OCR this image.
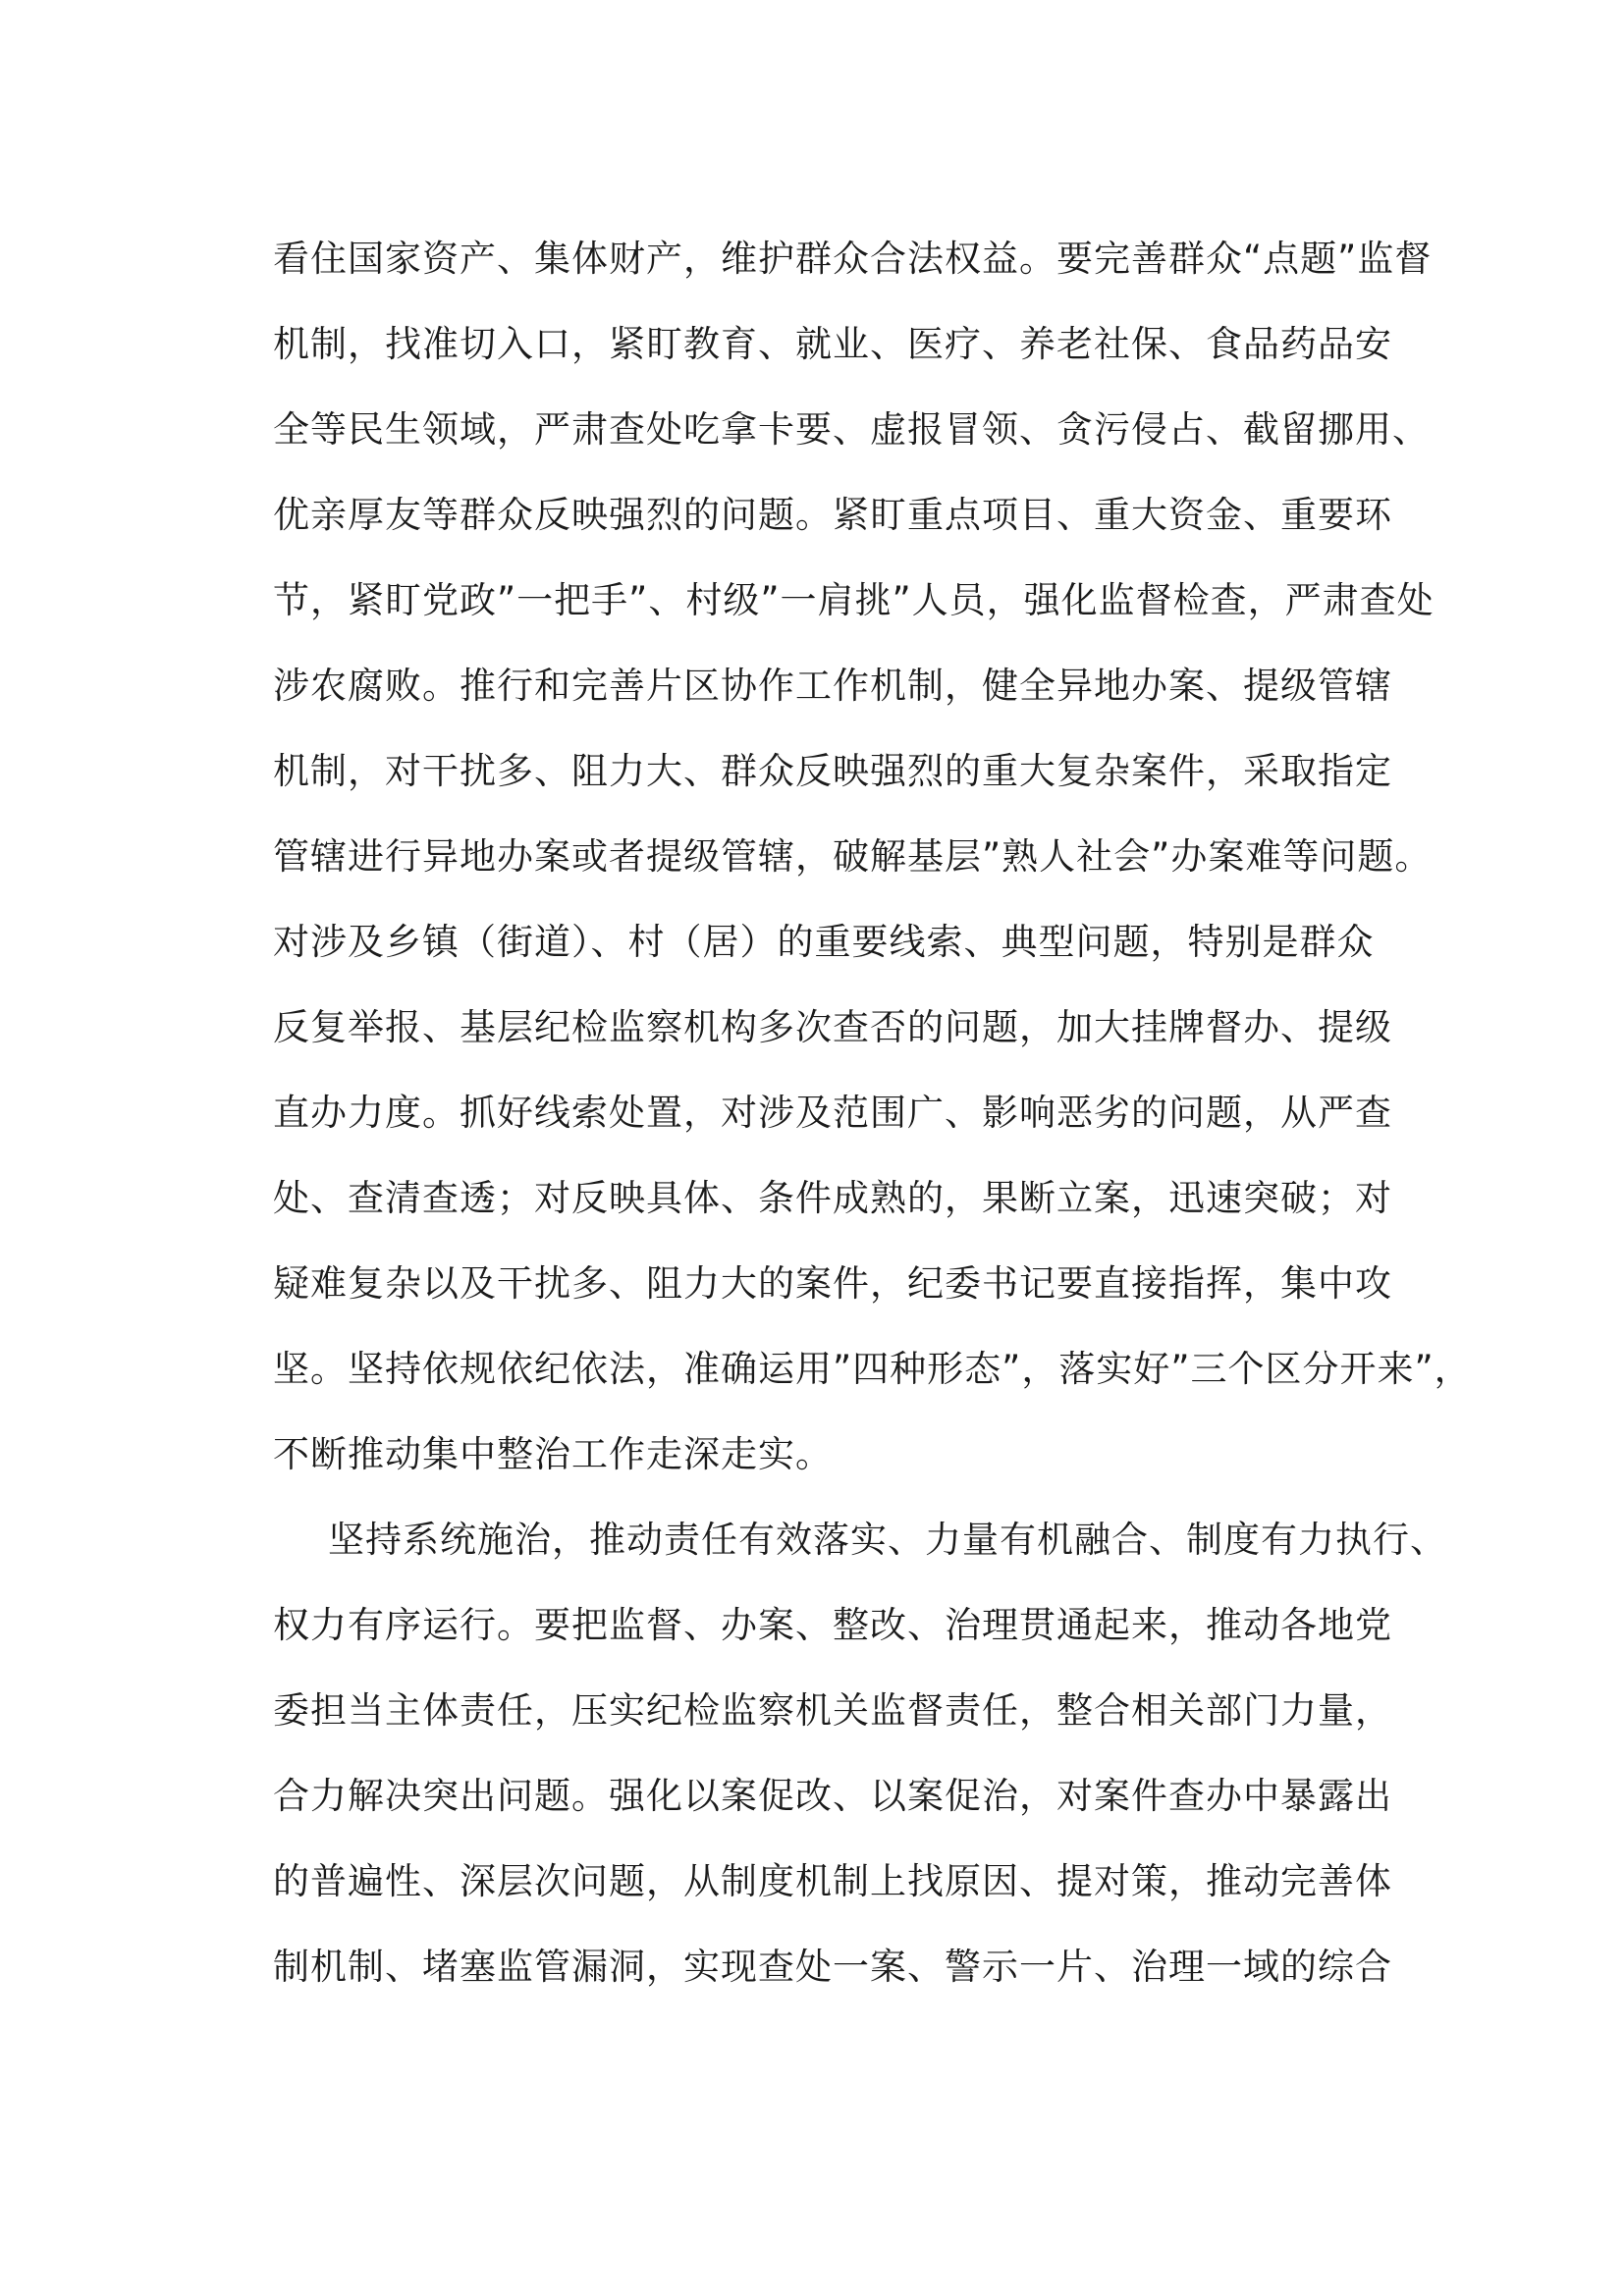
看住国家资产、集体财产，维护群众合法权益。要完善群众“点题”监督
机制，找准切入口，紧盯教育、就业、医疗、养老社保、食品药品安
全等民生领域，严肃查处吃拿卡要、虚报冒领、贪污侵占、截留挪用、
优亲厚友等群众反映强烈的问题。紧盯重点项目、重大资金、重要环
节，紧盯党政”一把手”、村级”一肩挑”人员，强化监督检查，严肃查处
涉农腐败。推行和完善片区协作工作机制，健全异地办案、提级管辖
机制，对干扰多、阻力大、群众反映强烈的重大复杂案件，采取指定
管辖进行异地办案或者提级管辖，破解基层”熟人社会”办案难等问题。
对涉及乡镇（街道）、村（居）的重要线索、典型问题，特别是群众
反复举报、基层纪检监察机构多次查否的问题，加大挂牌督办、提级
直办力度。抓好线索处置，对涉及范围广、影响恶劣的问题，从严查
处、查清查透；对反映具体、条件成熟的，果断立案，迅速突破；对
疑难复杂以及干扰多、阻力大的案件，纪委书记要直接指挥，集中攻
坚。坚持依规依纪依法，准确运用”四种形态”，落实好”三个区分开来”，
不断推动集中整治工作走深走实。
坚持系统施治，推动责任有效落实、力量有机融合、制度有力执行、
权力有序运行。要把监督、办案、整改、治理贯通起来，推动各地党
委担当主体责任，压实纪检监察机关监督责任，整合相关部门力量，
合力解决突出问题。强化以案促改、以案促治，对案件查办中暴露出
的普遍性、深层次问题，从制度机制上找原因、提对策，推动完善体
制机制、堵塞监管漏洞，实现查处一案、警示一片、治理一域的综合
